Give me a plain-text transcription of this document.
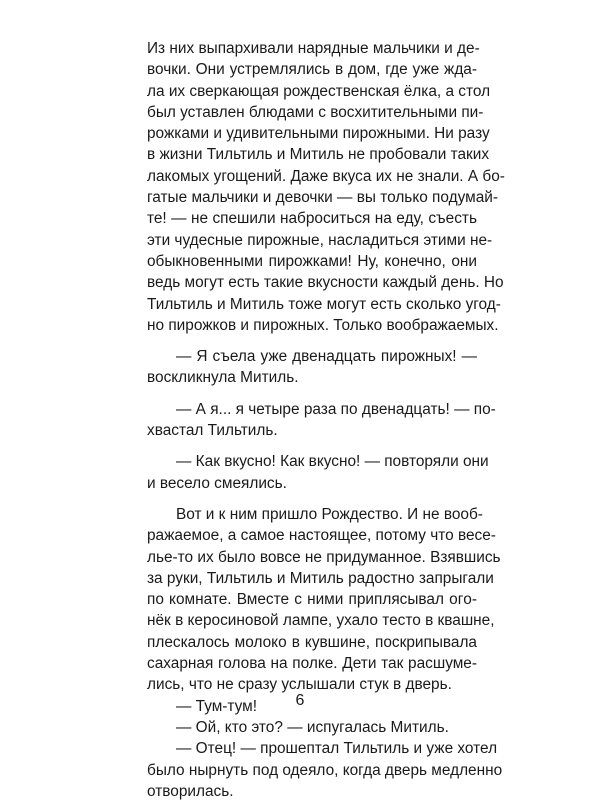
Из них выпархивали нарядные мальчики и де-
вочки. Они устремлялись в дом, где уже жда-
ла их сверкающая рождественская ёлка, а стол
был уставлен блюдами с восхитительными пи-
рожками и удивительными пирожными. Ни разу
в жизни Тильтиль и Митиль не пробовали таких
лакомых угощений. Даже вкуса их не знали. А бо-
гатые мальчики и девочки — вы только подумай-
те! — не спешили наброситься на еду, съесть
эти чудесные пирожные, насладиться этими не-
обыкновенными пирожками! Ну, конечно, они
ведь могут есть такие вкусности каждый день. Но
Тильтиль и Митиль тоже могут есть сколько угод-
но пирожков и пирожных. Только воображаемых.
— Я съела уже двенадцать пирожных! —
воскликнула Митиль.
— А я... я четыре раза по двенадцать! — по-
хвастал Тильтиль.
— Как вкусно! Как вкусно! — повторяли они
и весело смеялись.
Вот и к ним пришло Рождество. И не вооб-
ражаемое, а самое настоящее, потому что весе-
лье-то их было вовсе не придуманное. Взявшись
за руки, Тильтиль и Митиль радостно запрыгали
по комнате. Вместе с ними приплясывал огo-
нёк в керосиновой лампе, ухало тесто в квашне,
плескалось молоко в кувшине, поскрипывала
сахарная голова на полке. Дети так расшуме-
лись, что не сразу услышали стук в дверь.
— Тум-тум!
— Ой, кто это? — испугалась Митиль.
— Отец! — прошептал Тильтиль и уже хотел
было нырнуть под одеяло, когда дверь медленно
отворилась.
6
